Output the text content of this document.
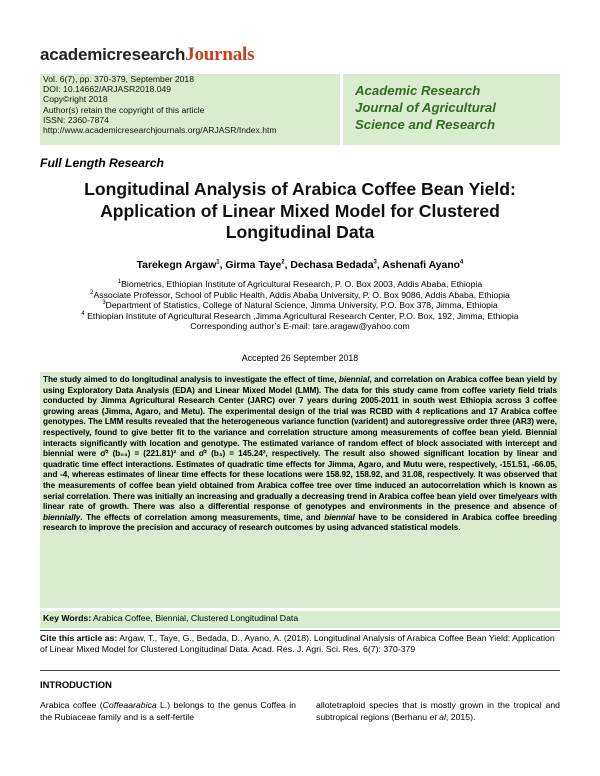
academicresearchJournals
Vol. 6(7), pp. 370-379, September 2018
DOI: 10.14662/ARJASR2018.049
Copy©right 2018
Author(s) retain the copyright of this article
ISSN: 2360-7874
http://www.academicresearchjournals.org/ARJASR/Index.htm
Academic Research
Journal of Agricultural
Science and Research
Full Length Research
Longitudinal Analysis of Arabica Coffee Bean Yield:
Application of Linear Mixed Model for Clustered
Longitudinal Data
Tarekegn Argaw$^1$, Girma Taye$^2$, Dechasa Bedada$^3$, Ashenafi Ayano$^4$
$^1$Biometrics, Ethiopian Institute of Agricultural Research, P. O. Box 2003, Addis Ababa, Ethiopia
$^2$Associate Professor, School of Public Health, Addis Ababa University, P. O. Box 9086, Addis Ababa, Ethiopia
$^3$Department of Statistics, College of Natural Science, Jimma University, P.O. Box 378, Jimma, Ethiopia
$^4$ Ethiopian Institute of Agricultural Research ,Jimma Agricultural Research Center, P.O. Box, 192, Jimma, Ethiopia
Corresponding author’s E-mail: tare.aragaw@yahoo.com
Accepted 26 September 2018
The study aimed to do longitudinal analysis to investigate the effect of time, biennial, and correlation on Arabica coffee bean yield by using Exploratory Data Analysis (EDA) and Linear Mixed Model (LMM). The data for this study came from coffee variety field trials conducted by Jimma Agricultural Research Center (JARC) over 7 years during 2005-2011 in south west Ethiopia across 3 coffee growing areas (Jimma, Agaro, and Metu). The experimental design of the trial was RCBD with 4 replications and 17 Arabica coffee genotypes. The LMM results revealed that the heterogeneous variance function (varident) and autoregressive order three (AR3) were, respectively, found to give better fit to the variance and correlation structure among measurements of coffee bean yield. Biennial interacts significantly with location and genotype. The estimated variance of random effect of block associated with intercept and biennial were σ̂² (b₀₃) = (221.81)² and σ̂² (b₃) = 145.24², respectively. The result also showed significant location by linear and quadratic time effect interactions. Estimates of quadratic time effects for Jimma, Agaro, and Mutu were, respectively, -151.51, -66.05, and -4, whereas estimates of linear time effects for these locations were 158.92, 158.92, and 31.08, respectively. It was observed that the measurements of coffee bean yield obtained from Arabica coffee tree over time induced an autocorrelation which is known as serial correlation. There was initially an increasing and gradually a decreasing trend in Arabica coffee bean yield over time/years with linear rate of growth. There was also a differential response of genotypes and environments in the presence and absence of biennially. The effects of correlation among measurements, time, and biennial have to be considered in Arabica coffee breeding research to improve the precision and accuracy of research outcomes by using advanced statistical models.
Key Words: Arabica Coffee, Biennial, Clustered Longitudinal Data
Cite this article as: Argaw, T., Taye, G., Bedada, D., Ayano, A. (2018). Longitudinal Analysis of Arabica Coffee Bean Yield: Application of Linear Mixed Model for Clustered Longitudinal Data. Acad. Res. J. Agri. Sci. Res. 6(7): 370-379
INTRODUCTION
Arabica coffee (Coffeaarabica L.) belongs to the genus Coffea in the Rubiaceae family and is a self-fertile
allotetraploid species that is mostly grown in the tropical and subtropical regions (Berhanu et al, 2015).
